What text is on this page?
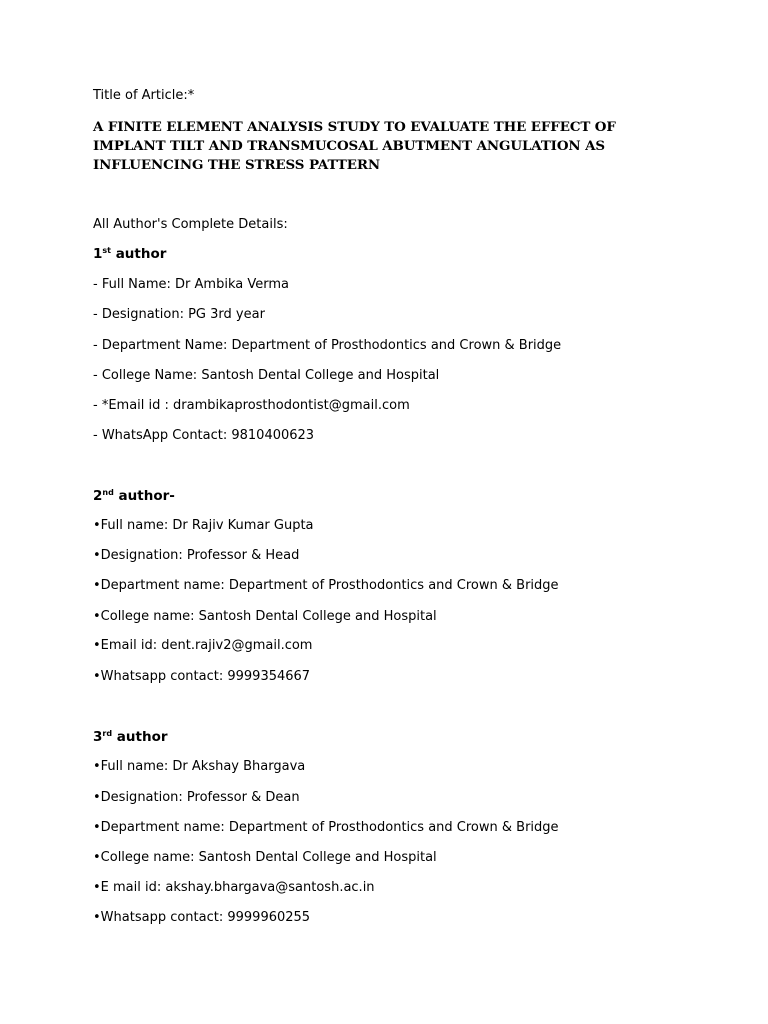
Title of Article:*
A FINITE ELEMENT ANALYSIS STUDY TO EVALUATE THE EFFECT OF
IMPLANT TILT AND TRANSMUCOSAL ABUTMENT ANGULATION AS
INFLUENCING THE STRESS PATTERN
All Author's Complete Details:
1st author
- Full Name: Dr Ambika Verma
- Designation: PG 3rd year
- Department Name: Department of Prosthodontics and Crown & Bridge
- College Name: Santosh Dental College and Hospital
- *Email id : drambikaprosthodontist@gmail.com
- WhatsApp Contact: 9810400623
2nd author-
•Full name: Dr Rajiv Kumar Gupta
•Designation: Professor & Head
•Department name: Department of Prosthodontics and Crown & Bridge
•College name: Santosh Dental College and Hospital
•Email id: dent.rajiv2@gmail.com
•Whatsapp contact: 9999354667
3rd author
•Full name: Dr Akshay Bhargava
•Designation: Professor & Dean
•Department name: Department of Prosthodontics and Crown & Bridge
•College name: Santosh Dental College and Hospital
•E mail id: akshay.bhargava@santosh.ac.in
•Whatsapp contact: 9999960255
